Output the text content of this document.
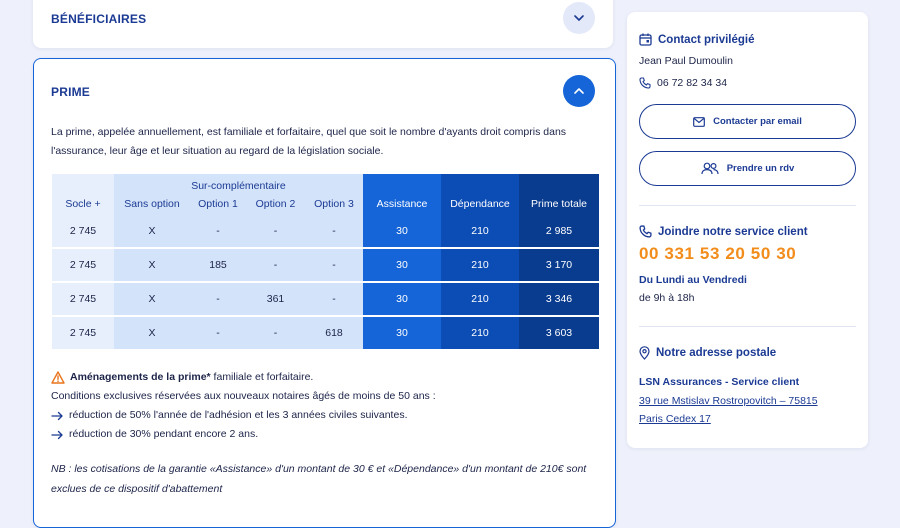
BÉNÉFICIAIRES
PRIME

La prime, appelée annuellement, est familiale et forfaitaire, quel que soit le nombre d'ayants droit compris dans l'assurance, leur âge et leur situation au regard de la législation sociale.

	Sur-complémentaire						
Socle +	Sans option	Option 1	Option 2	Option 3	Assistance	Dépendance	Prime totale
2 745	X	-	-	-	30	210	2 985
2 745	X	185	-	-	30	210	3 170
2 745	X	-	361	-	30	210	3 346
2 745	X	-	-	618	30	210	3 603
Aménagements de la prime* familiale et forfaitaire.
Conditions exclusives réservées aux nouveaux notaires âgés de moins de 50 ans :
réduction de 50% l'année de l'adhésion et les 3 années civiles suivantes.
réduction de 30% pendant encore 2 ans.

NB : les cotisations de la garantie «Assistance» d'un montant de 30 € et «Dépendance» d'un montant de 210€ sont exclues de ce dispositif d'abattement

Contact privilégié
Jean Paul Dumoulin
06 72 82 34 34
Contacter par email
Prendre un rdv
Joindre notre service client
00 331 53 20 50 30
Du Lundi au Vendredi
de 9h à 18h
Notre adresse postale
LSN Assurances - Service client
39 rue Mstislav Rostropovitch – 75815
Paris Cedex 17
